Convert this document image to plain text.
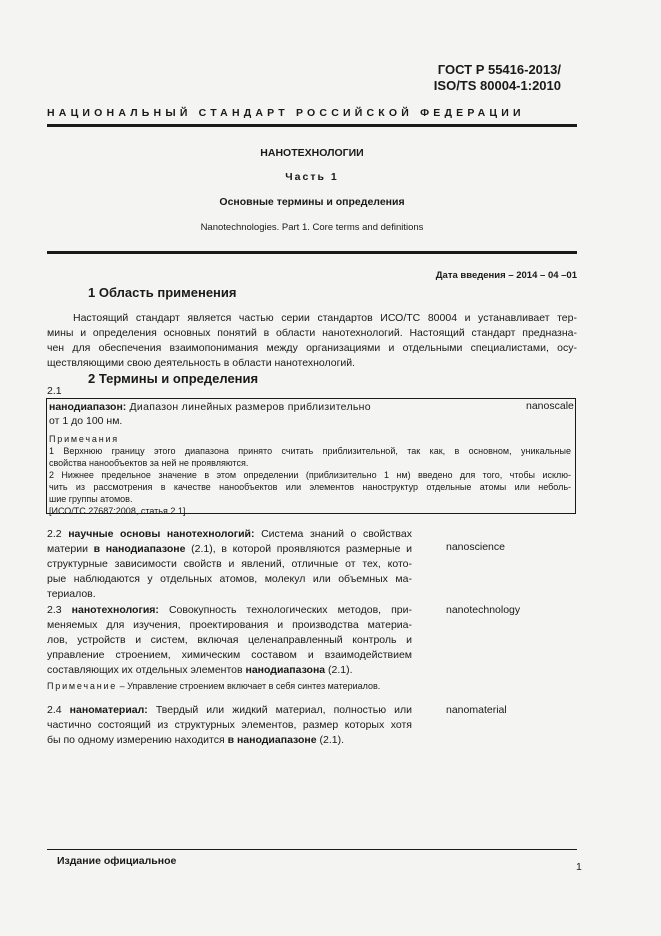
ГОСТ Р 55416-2013/
ISO/TS 80004-1:2010
НАЦИОНАЛЬНЫЙ СТАНДАРТ РОССИЙСКОЙ ФЕДЕРАЦИИ
НАНОТЕХНОЛОГИИ
Часть 1
Основные термины и определения
Nanotechnologies. Part 1. Core terms and definitions
Дата введения – 2014 – 04 –01
1 Область применения
Настоящий стандарт является частью серии стандартов ИСО/ТС 80004 и устанавливает тер-
мины и определения основных понятий в области нанотехнологий. Настоящий стандарт предназна-
чен для обеспечения взаимопонимания между организациями и отдельными специалистами, осу-
ществляющими свою деятельность в области нанотехнологий.
2 Термины и определения
2.1
нанодиапазон: Диапазон линейных размеров приблизительно
от 1 до 100 нм.
nanoscale
Примечания
1 Верхнюю границу этого диапазона принято считать приблизительной, так как, в основном, уникальные
свойства нанообъектов за ней не проявляются.
2 Нижнее предельное значение в этом определении (приблизительно 1 нм) введено для того, чтобы исклю-
чить из рассмотрения в качестве нанообъектов или элементов наноструктур отдельные атомы или неболь-
шие группы атомов.
[ИСО/ТС 27687:2008, статья 2.1]
2.2 научные основы нанотехнологий: Система знаний о свойствах
материи в нанодиапазоне (2.1), в которой проявляются размерные и
структурные зависимости свойств и явлений, отличные от тех, кото-
рые наблюдаются у отдельных атомов, молекул или объемных ма-
териалов.
nanoscience
2.3 нанотехнология: Совокупность технологических методов, при-
меняемых для изучения, проектирования и производства материа-
лов, устройств и систем, включая целенаправленный контроль и
управление строением, химическим составом и взаимодействием
составляющих их отдельных элементов нанодиапазона (2.1).
nanotechnology
Примечание – Управление строением включает в себя синтез материалов.
2.4 наноматериал: Твердый или жидкий материал, полностью или
частично состоящий из структурных элементов, размер которых хотя
бы по одному измерению находится в нанодиапазоне (2.1).
nanomaterial
Издание официальное	1
